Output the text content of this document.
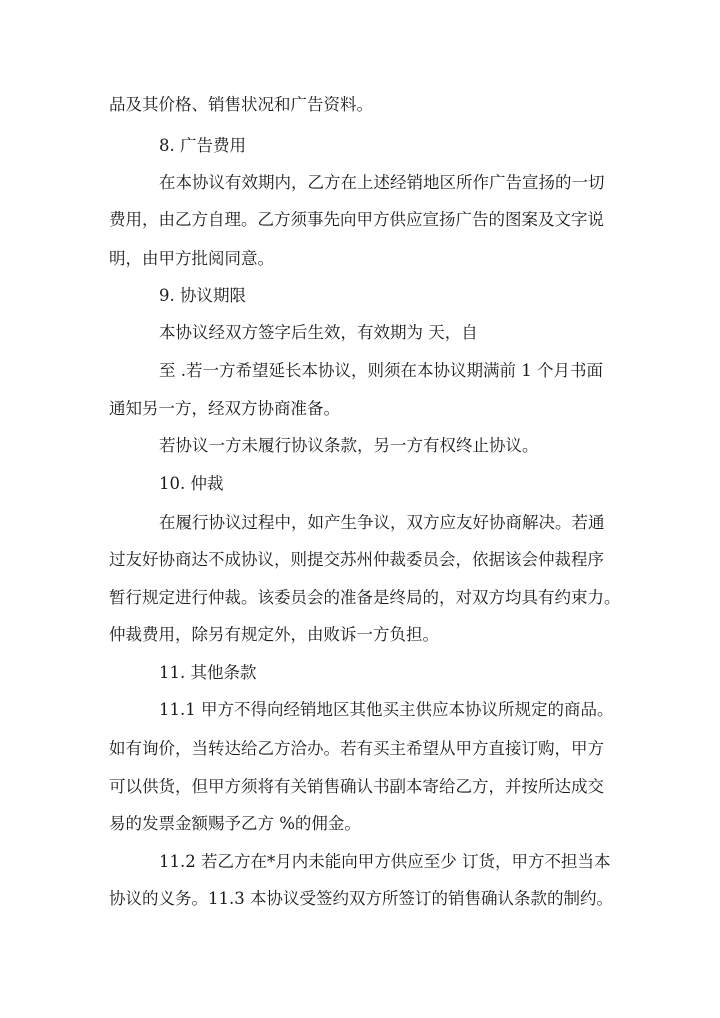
品及其价格、销售状况和广告资料。
8. 广告费用
在本协议有效期内，乙方在上述经销地区所作广告宣扬的一切
费用，由乙方自理。乙方须事先向甲方供应宣扬广告的图案及文字说
明，由甲方批阅同意。
9. 协议期限
本协议经双方签字后生效，有效期为 天，自
至 .若一方希望延长本协议，则须在本协议期满前 1 个月书面
通知另一方，经双方协商准备。
若协议一方未履行协议条款，另一方有权终止协议。
10. 仲裁
在履行协议过程中，如产生争议，双方应友好协商解决。若通
过友好协商达不成协议，则提交苏州仲裁委员会，依据该会仲裁程序
暂行规定进行仲裁。该委员会的准备是终局的，对双方均具有约束力。
仲裁费用，除另有规定外，由败诉一方负担。
11. 其他条款
11.1 甲方不得向经销地区其他买主供应本协议所规定的商品。
如有询价，当转达给乙方洽办。若有买主希望从甲方直接订购，甲方
可以供货，但甲方须将有关销售确认书副本寄给乙方，并按所达成交
易的发票金额赐予乙方 %的佣金。
11.2 若乙方在*月内未能向甲方供应至少 订货，甲方不担当本
协议的义务。11.3 本协议受签约双方所签订的销售确认条款的制约。
